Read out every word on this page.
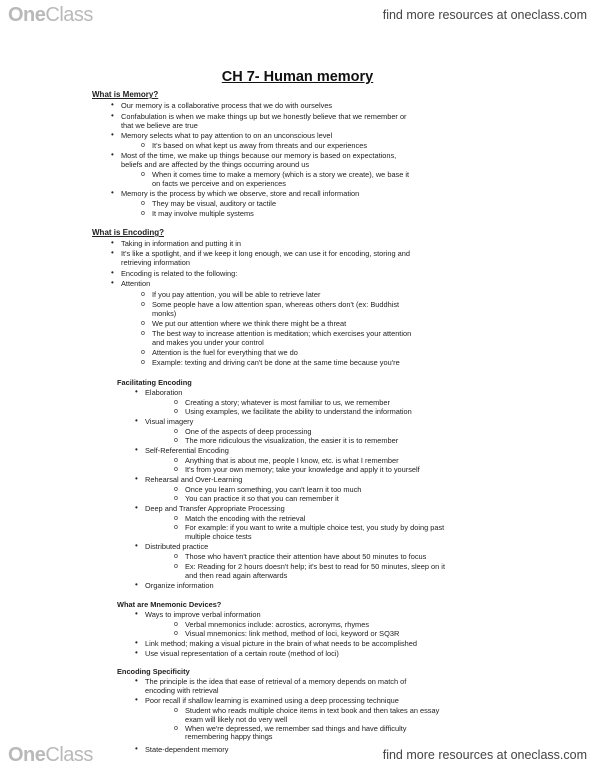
OneClass	find more resources at oneclass.com
CH 7- Human memory
What is Memory?
• Our memory is a collaborative process that we do with ourselves
• Confabulation is when we make things up but we honestly believe that we remember or
that we believe are true
• Memory selects what to pay attention to on an unconscious level
o It's based on what kept us away from threats and our experiences
• Most of the time, we make up things because our memory is based on expectations,
beliefs and are affected by the things occurring around us
o When it comes time to make a memory (which is a story we create), we base it
on facts we perceive and on experiences
• Memory is the process by which we observe, store and recall information
o They may be visual, auditory or tactile
o It may involve multiple systems
What is Encoding?
• Taking in information and putting it in
• It's like a spotlight, and if we keep it long enough, we can use it for encoding, storing and
retrieving information
• Encoding is related to the following:
• Attention
o If you pay attention, you will be able to retrieve later
o Some people have a low attention span, whereas others don't (ex: Buddhist
monks)
o We put our attention where we think there might be a threat
o The best way to increase attention is meditation; which exercises your attention
and makes you under your control
o Attention is the fuel for everything that we do
o Example: texting and driving can't be done at the same time because you're
Facilitating Encoding
• Elaboration
o Creating a story; whatever is most familiar to us, we remember
o Using examples, we facilitate the ability to understand the information
• Visual imagery
o One of the aspects of deep processing
o The more ridiculous the visualization, the easier it is to remember
• Self-Referential Encoding
o Anything that is about me, people I know, etc. is what I remember
o It's from your own memory; take your knowledge and apply it to yourself
• Rehearsal and Over-Learning
o Once you learn something, you can't learn it too much
o You can practice it so that you can remember it
• Deep and Transfer Appropriate Processing
o Match the encoding with the retrieval
o For example: if you want to write a multiple choice test, you study by doing past
multiple choice tests
• Distributed practice
o Those who haven't practice their attention have about 50 minutes to focus
o Ex: Reading for 2 hours doesn't help; it's best to read for 50 minutes, sleep on it
and then read again afterwards
• Organize information
What are Mnemonic Devices?
• Ways to improve verbal information
o Verbal mnemonics include: acrostics, acronyms, rhymes
o Visual mnemonics: link method, method of loci, keyword or SQ3R
• Link method; making a visual picture in the brain of what needs to be accomplished
• Use visual representation of a certain route (method of loci)
Encoding Specificity
• The principle is the idea that ease of retrieval of a memory depends on match of
encoding with retrieval
• Poor recall if shallow learning is examined using a deep processing technique
o Student who reads multiple choice items in text book and then takes an essay
exam will likely not do very well
o When we're depressed, we remember sad things and have difficulty
remembering happy things
• State-dependent memory
OneClass	find more resources at oneclass.com
